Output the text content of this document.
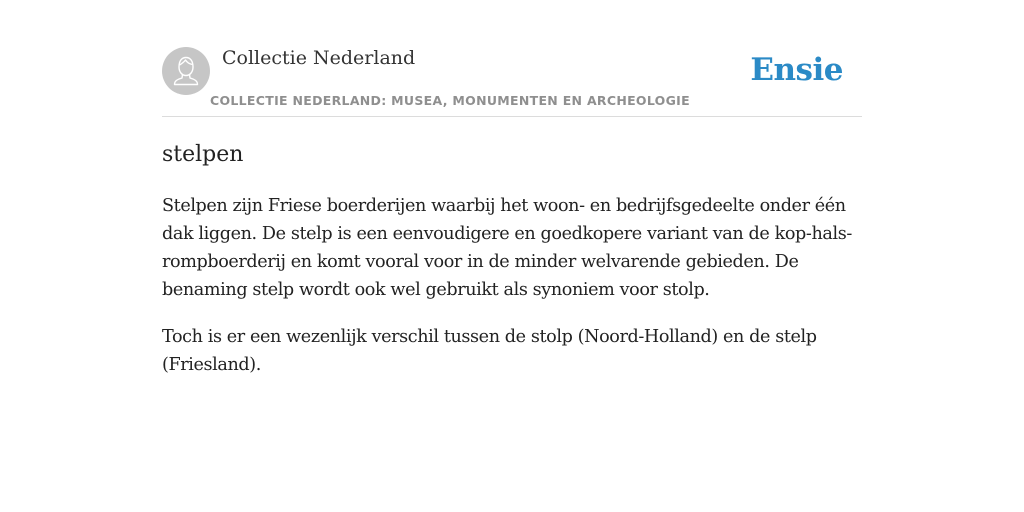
Collectie Nederland
COLLECTIE NEDERLAND: MUSEA, MONUMENTEN EN ARCHEOLOGIE
Ensie
stelpen

Stelpen zijn Friese boerderijen waarbij het woon- en bedrijfsgedeelte onder één dak liggen. De stelp is een eenvoudigere en goedkopere variant van de kop-hals-rompboerderij en komt vooral voor in de minder welvarende gebieden. De benaming stelp wordt ook wel gebruikt als synoniem voor stolp.

Toch is er een wezenlijk verschil tussen de stolp (Noord-Holland) en de stelp (Friesland).
